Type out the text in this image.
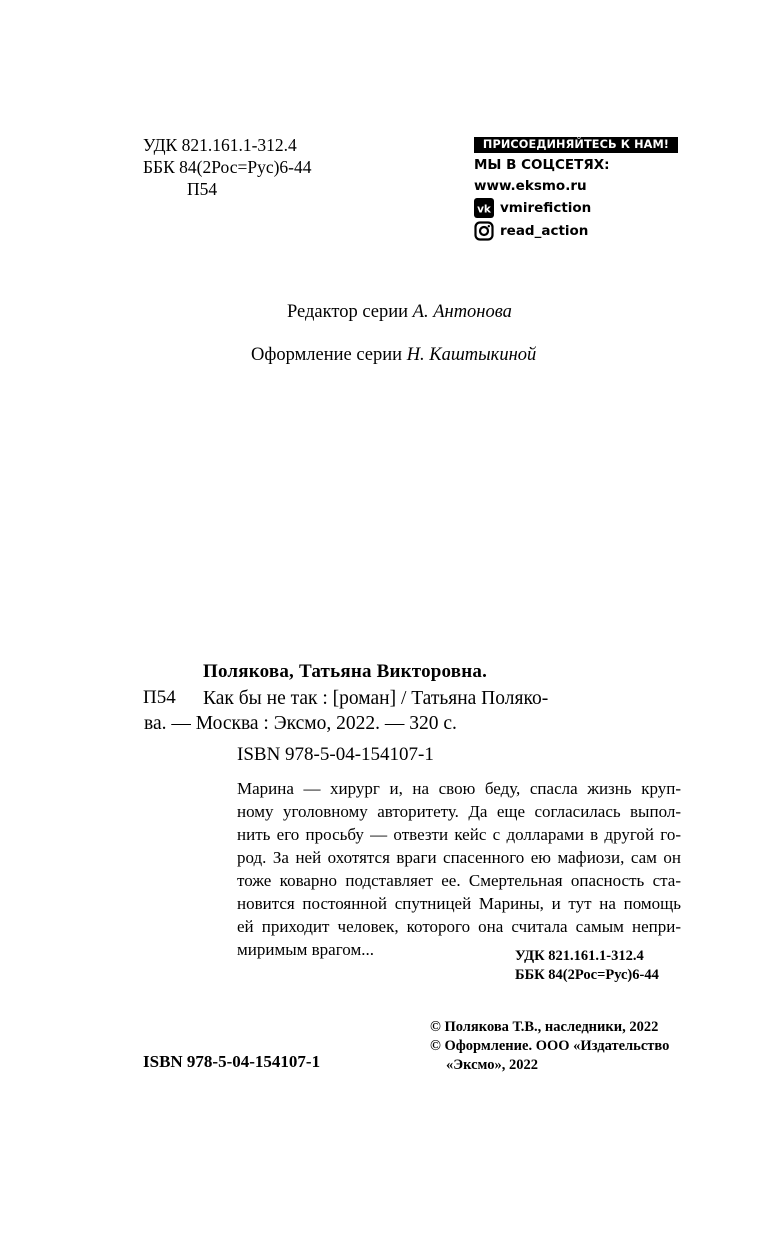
УДК 821.161.1-312.4
ББК 84(2Рос=Рус)6-44
П54
ПРИСОЕДИНЯЙТЕСЬ К НАМ!
МЫ В СОЦСЕТЯХ:
www.eksmo.ru
vk vmirefiction
read_action
Редактор серии А. Антонова
Оформление серии Н. Каштыкиной
Полякова, Татьяна Викторовна.
П54 Как бы не так : [роман] / Татьяна Поляко-
ва. — Москва : Эксмо, 2022. — 320 с.
ISBN 978-5-04-154107-1
Марина — хирург и, на свою беду, спасла жизнь круп-
ному уголовному авторитету. Да еще согласилась выпол-
нить его просьбу — отвезти кейс с долларами в другой го-
род. За ней охотятся враги спасенного ею мафиози, сам он
тоже коварно подставляет ее. Смертельная опасность ста-
новится постоянной спутницей Марины, и тут на помощь
ей приходит человек, которого она считала самым непри-
миримым врагом...	УДК 821.161.1-312.4
ББК 84(2Рос=Рус)6-44
© Полякова Т.В., наследники, 2022
© Оформление. ООО «Издательство
«Эксмо», 2022
ISBN 978-5-04-154107-1
